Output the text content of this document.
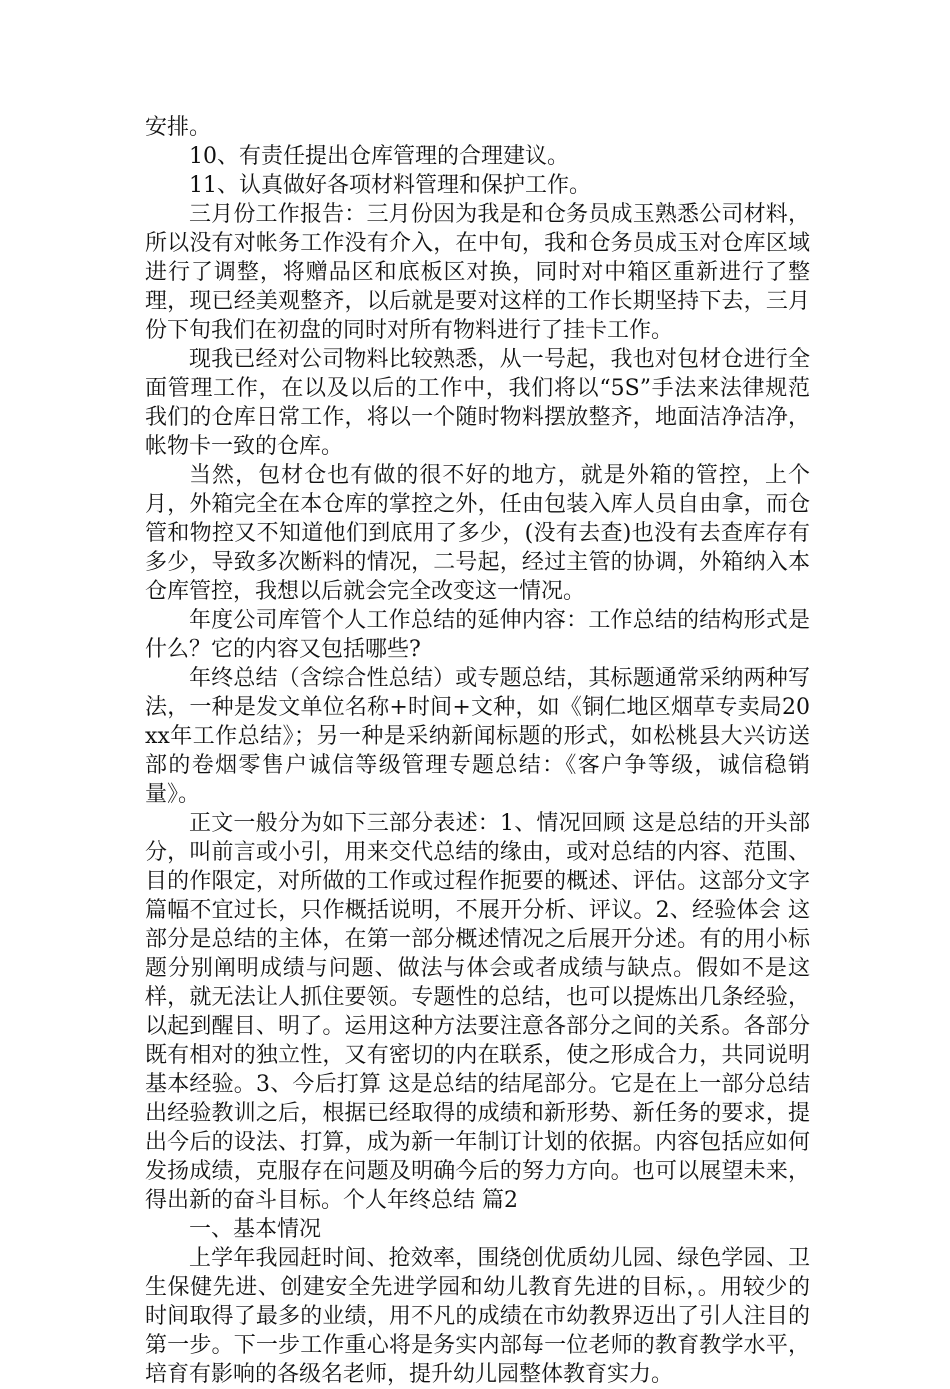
安排。

10、有责任提出仓库管理的合理建议。

11、认真做好各项材料管理和保护工作。

三月份工作报告：三月份因为我是和仓务员成玉熟悉公司材料，所以没有对帐务工作没有介入，在中旬，我和仓务员成玉对仓库区域进行了调整，将赠品区和底板区对换，同时对中箱区重新进行了整理，现已经美观整齐，以后就是要对这样的工作长期坚持下去，三月份下旬我们在初盘的同时对所有物料进行了挂卡工作。

现我已经对公司物料比较熟悉，从一号起，我也对包材仓进行全面管理工作，在以及以后的工作中，我们将以“5S”手法来法律规范我们的仓库日常工作，将以一个随时物料摆放整齐，地面洁净洁净，帐物卡一致的仓库。

当然，包材仓也有做的很不好的地方，就是外箱的管控，上个月，外箱完全在本仓库的掌控之外，任由包装入库人员自由拿，而仓管和物控又不知道他们到底用了多少，(没有去查)也没有去查库存有多少，导致多次断料的情况，二号起，经过主管的协调，外箱纳入本仓库管控，我想以后就会完全改变这一情况。

年度公司库管个人工作总结的延伸内容：工作总结的结构形式是什么？它的内容又包括哪些?

年终总结（含综合性总结）或专题总结，其标题通常采纳两种写法，一种是发文单位名称+时间+文种，如《铜仁地区烟草专卖局20xx年工作总结》；另一种是采纳新闻标题的形式，如松桃县大兴访送部的卷烟零售户诚信等级管理专题总结：《客户争等级，诚信稳销量》。

正文一般分为如下三部分表述：1、情况回顾 这是总结的开头部分，叫前言或小引，用来交代总结的缘由，或对总结的内容、范围、目的作限定，对所做的工作或过程作扼要的概述、评估。这部分文字篇幅不宜过长，只作概括说明，不展开分析、评议。2、经验体会 这部分是总结的主体，在第一部分概述情况之后展开分述。有的用小标题分别阐明成绩与问题、做法与体会或者成绩与缺点。假如不是这样，就无法让人抓住要领。专题性的总结，也可以提炼出几条经验，以起到醒目、明了。运用这种方法要注意各部分之间的关系。各部分既有相对的独立性，又有密切的内在联系，使之形成合力，共同说明基本经验。3、今后打算 这是总结的结尾部分。它是在上一部分总结出经验教训之后，根据已经取得的成绩和新形势、新任务的要求，提出今后的设法、打算，成为新一年制订计划的依据。内容包括应如何发扬成绩，克服存在问题及明确今后的努力方向。也可以展望未来，得出新的奋斗目标。个人年终总结 篇2

一、基本情况

上学年我园赶时间、抢效率，围绕创优质幼儿园、绿色学园、卫生保健先进、创建安全先进学园和幼儿教育先进的目标，。用较少的时间取得了最多的业绩，用不凡的成绩在市幼教界迈出了引人注目的第一步。下一步工作重心将是务实内部每一位老师的教育教学水平，培育有影响的各级名老师，提升幼儿园整体教育实力。
